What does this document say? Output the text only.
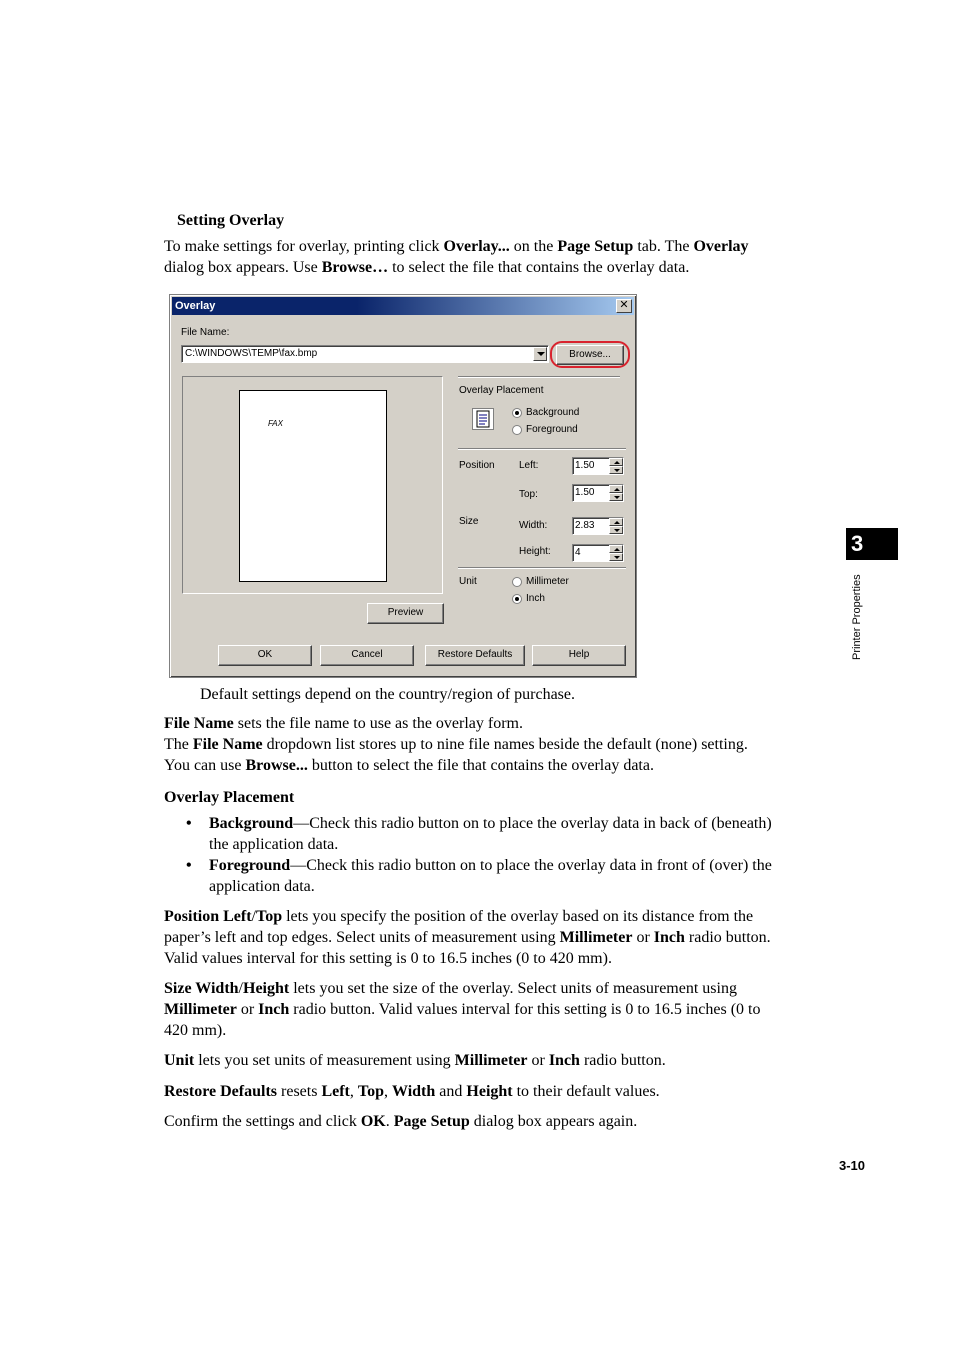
Setting Overlay
To make settings for overlay, printing click Overlay... on the Page Setup tab. The Overlay
dialog box appears. Use Browse… to select the file that contains the overlay data.
Overlay	✕
File Name:
C:\WINDOWS\TEMP\fax.bmp	Browse...
FAX
Preview
Overlay Placement
Background
Foreground
Position Left:	1.50
Top:	1.50
Size	Width:	2.83
Height: 4
Unit	Millimeter
Inch
OK	Cancel	Restore Defaults	Help
Default settings depend on the country/region of purchase.
File Name sets the file name to use as the overlay form.
The File Name dropdown list stores up to nine file names beside the default (none) setting.
You can use Browse... button to select the file that contains the overlay data.
Overlay Placement
• Background—Check this radio button on to place the overlay data in back of (beneath)
the application data.
• Foreground—Check this radio button on to place the overlay data in front of (over) the
application data.
Position Left/Top lets you specify the position of the overlay based on its distance from the
paper’s left and top edges. Select units of measurement using Millimeter or Inch radio button.
Valid values interval for this setting is 0 to 16.5 inches (0 to 420 mm).
Size Width/Height lets you set the size of the overlay. Select units of measurement using
Millimeter or Inch radio button. Valid values interval for this setting is 0 to 16.5 inches (0 to
420 mm).
Unit lets you set units of measurement using Millimeter or Inch radio button.
Restore Defaults resets Left, Top, Width and Height to their default values.
Confirm the settings and click OK. Page Setup dialog box appears again.
3
Printer Properties
3-10
